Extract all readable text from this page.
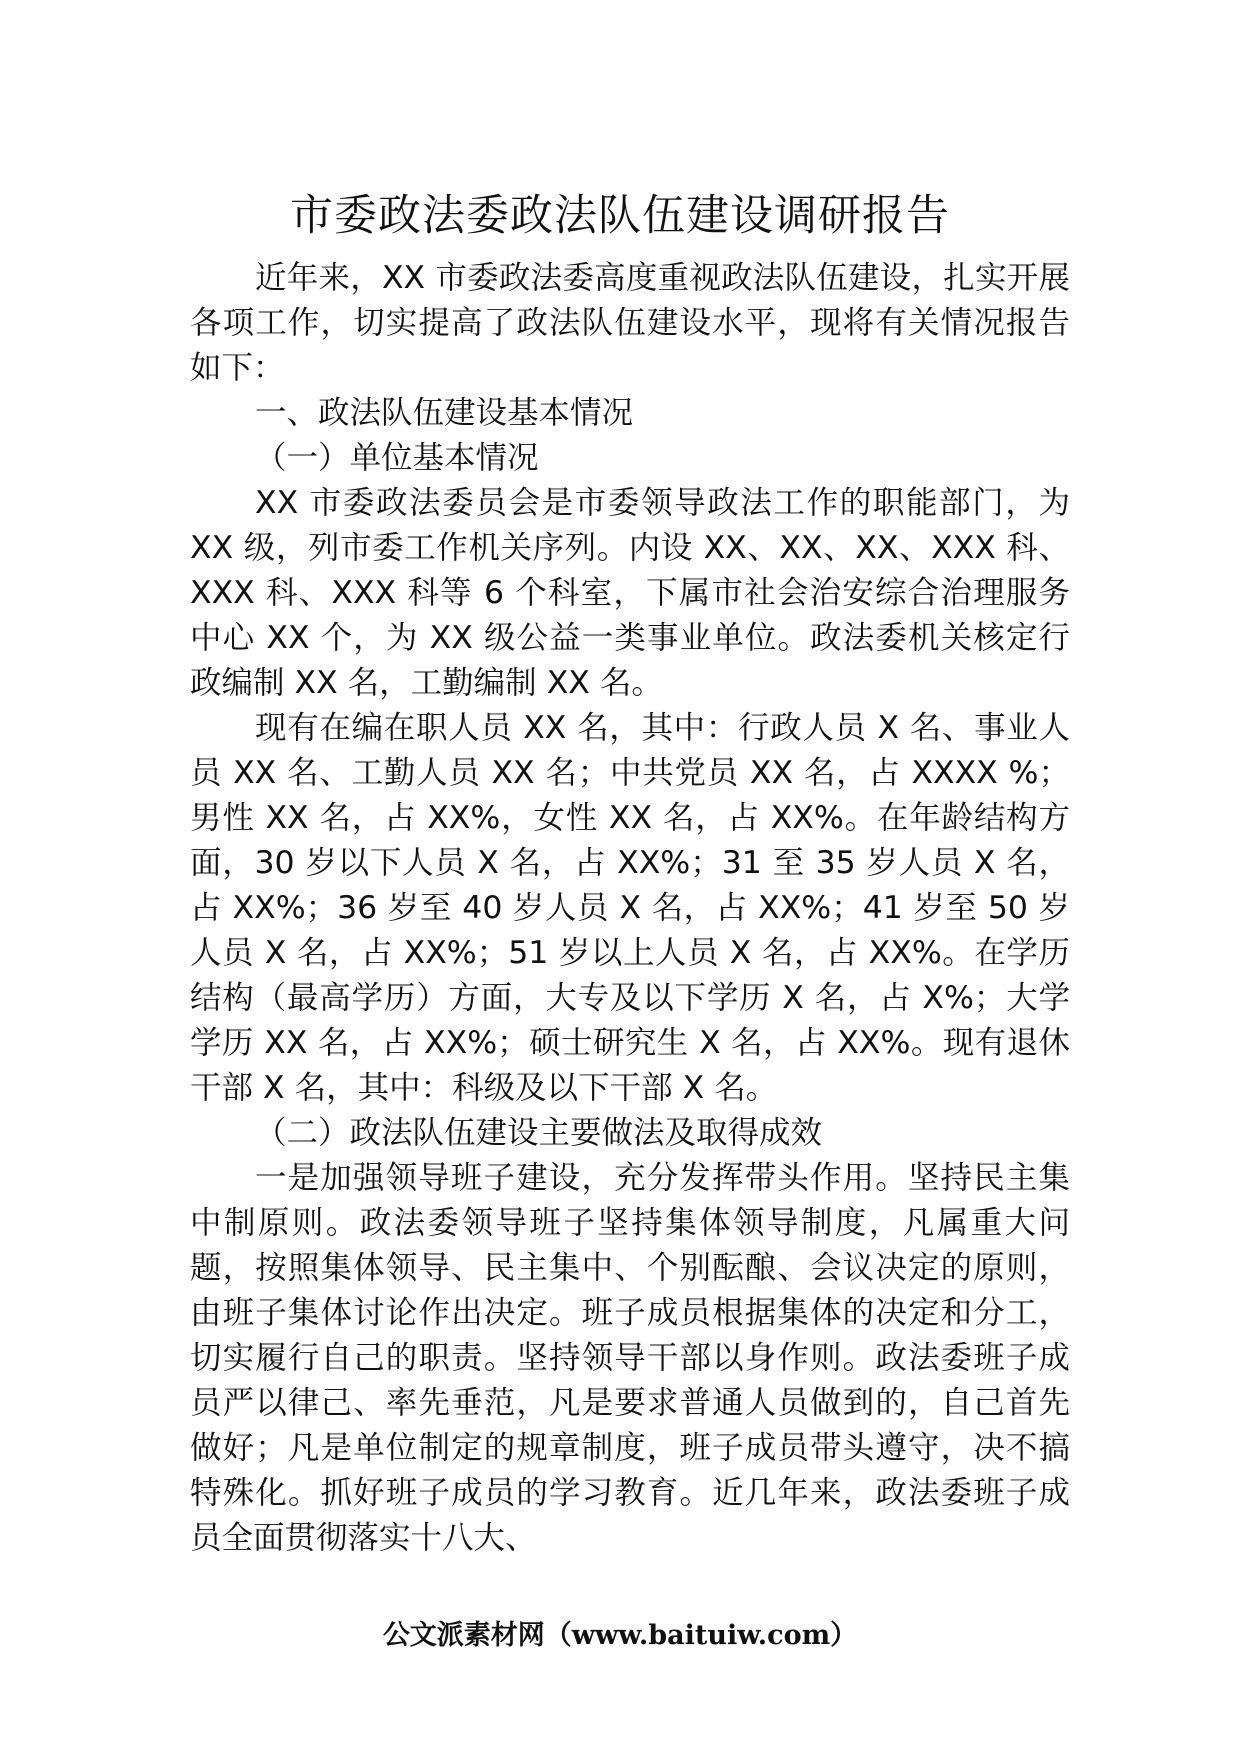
市委政法委政法队伍建设调研报告

近年来，XX 市委政法委高度重视政法队伍建设，扎实开展各项工作，切实提高了政法队伍建设水平，现将有关情况报告如下：

一、政法队伍建设基本情况

（一）单位基本情况

XX 市委政法委员会是市委领导政法工作的职能部门，为 XX 级，列市委工作机关序列。内设 XX、XX、XX、XXX 科、XXX 科、XXX 科等 6 个科室，下属市社会治安综合治理服务中心 XX 个，为 XX 级公益一类事业单位。政法委机关核定行政编制 XX 名，工勤编制 XX 名。

现有在编在职人员 XX 名，其中：行政人员 X 名、事业人员 XX 名、工勤人员 XX 名；中共党员 XX 名，占 XXXX %；男性 XX 名，占 XX%，女性 XX 名，占 XX%。在年龄结构方面，30 岁以下人员 X 名，占 XX%；31 至 35 岁人员 X 名，占 XX%；36 岁至 40 岁人员 X 名，占 XX%；41 岁至 50 岁人员 X 名，占 XX%；51 岁以上人员 X 名，占 XX%。在学历结构（最高学历）方面，大专及以下学历 X 名，占 X%；大学学历 XX 名，占 XX%；硕士研究生 X 名，占 XX%。现有退休干部 X 名，其中：科级及以下干部 X 名。

（二）政法队伍建设主要做法及取得成效

一是加强领导班子建设，充分发挥带头作用。坚持民主集中制原则。政法委领导班子坚持集体领导制度，凡属重大问题，按照集体领导、民主集中、个别酝酿、会议决定的原则，由班子集体讨论作出决定。班子成员根据集体的决定和分工，切实履行自己的职责。坚持领导干部以身作则。政法委班子成员严以律己、率先垂范，凡是要求普通人员做到的，自己首先做好；凡是单位制定的规章制度，班子成员带头遵守，决不搞特殊化。抓好班子成员的学习教育。近几年来，政法委班子成员全面贯彻落实十八大、

公文派素材网（www.baituiw.com）
